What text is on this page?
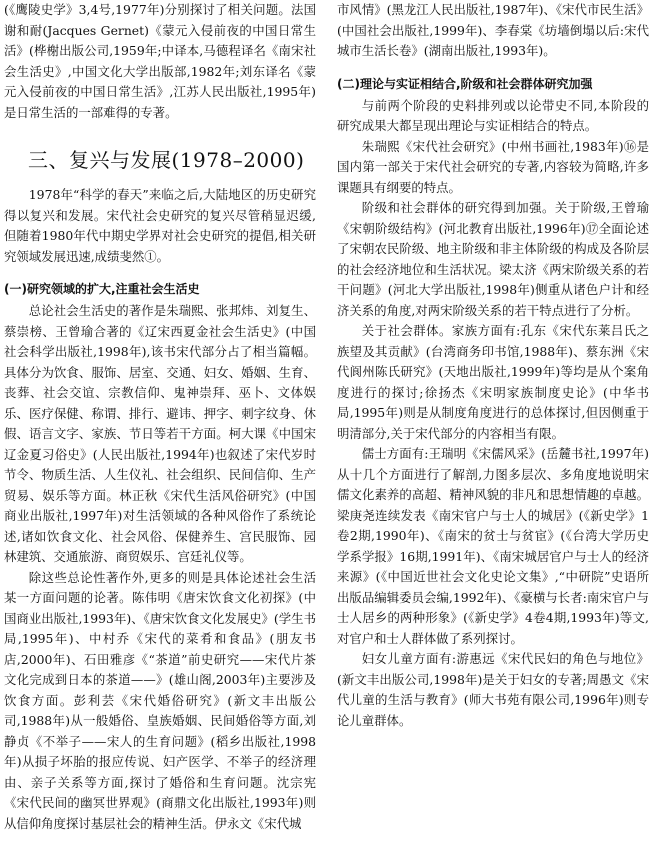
(《鹰陵史学》3,4号,1977年)分别探讨了相关问题。法国谢和耐(Jacques Gernet)《蒙元入侵前夜的中国日常生活》(桦榭出版公司,1959年;中译本,马德程译名《南宋社会生活史》,中国文化大学出版部,1982年;刘东译名《蒙元入侵前夜的中国日常生活》,江苏人民出版社,1995年)是日常生活的一部难得的专著。

三、复兴与发展(1978–2000)

1978年“科学的春天”来临之后,大陆地区的历史研究得以复兴和发展。宋代社会史研究的复兴尽管稍显迟缓,但随着1980年代中期史学界对社会史研究的提倡,相关研究领域发展迅速,成绩斐然①。

(一)研究领域的扩大,注重社会生活史

总论社会生活史的著作是朱瑞熙、张邦炜、刘复生、蔡崇榜、王曾瑜合著的《辽宋西夏金社会生活史》(中国社会科学出版社,1998年),该书宋代部分占了相当篇幅。具体分为饮食、服饰、居室、交通、妇女、婚姻、生育、丧葬、社会交谊、宗教信仰、鬼神崇拜、巫卜、文体娱乐、医疗保健、称谓、排行、避讳、押字、刺字纹身、休假、语言文字、家族、节日等若干方面。柯大课《中国宋辽金夏习俗史》(人民出版社,1994年)也叙述了宋代岁时节令、物质生活、人生仪礼、社会组织、民间信仰、生产贸易、娱乐等方面。林正秋《宋代生活风俗研究》(中国商业出版社,1997年)对生活领域的各种风俗作了系统论述,诸如饮食文化、社会风俗、保健养生、宫民服饰、园林建筑、交通旅游、商贸娱乐、宫廷礼仪等。

除这些总论性著作外,更多的则是具体论述社会生活某一方面问题的论著。陈伟明《唐宋饮食文化初探》(中国商业出版社,1993年)、《唐宋饮食文化发展史》(学生书局,1995年)、中村乔《宋代的菜肴和食品》(朋友书店,2000年)、石田雅彦《“茶道”前史研究——宋代片茶文化完成到日本的茶道——》(雄山阁,2003年)主要涉及饮食方面。彭利芸《宋代婚俗研究》(新文丰出版公司,1988年)从一般婚俗、皇族婚姻、民间婚俗等方面,刘静贞《不举子——宋人的生育问题》(稻乡出版社,1998年)从损子坏胎的报应传说、妇产医学、不举子的经济理由、亲子关系等方面,探讨了婚俗和生育问题。沈宗宪《宋代民间的幽冥世界观》(商鼎文化出版社,1993年)则从信仰角度探讨基层社会的精神生活。伊永文《宋代城

市风情》(黑龙江人民出版社,1987年)、《宋代市民生活》(中国社会出版社,1999年)、李春棠《坊墙倒塌以后:宋代城市生活长卷》(湖南出版社,1993年)。

(二)理论与实证相结合,阶级和社会群体研究加强

与前两个阶段的史料排列或以论带史不同,本阶段的研究成果大都呈现出理论与实证相结合的特点。

朱瑞熙《宋代社会研究》(中州书画社,1983年)⑯是国内第一部关于宋代社会研究的专著,内容较为简略,许多课题具有纲要的特点。

阶级和社会群体的研究得到加强。关于阶级,王曾瑜《宋朝阶级结构》(河北教育出版社,1996年)⑰全面论述了宋朝农民阶级、地主阶级和非主体阶级的构成及各阶层的社会经济地位和生活状况。梁太济《两宋阶级关系的若干问题》(河北大学出版社,1998年)侧重从诸色户计和经济关系的角度,对两宋阶级关系的若干特点进行了分析。

关于社会群体。家族方面有:孔东《宋代东莱吕氏之族望及其贡献》(台湾商务印书馆,1988年)、蔡东洲《宋代阆州陈氏研究》(天地出版社,1999年)等均是从个案角度进行的探讨;徐扬杰《宋明家族制度史论》(中华书局,1995年)则是从制度角度进行的总体探讨,但因侧重于明清部分,关于宋代部分的内容相当有限。

儒士方面有:王瑞明《宋儒风采》(岳麓书社,1997年)从十几个方面进行了解剖,力图多层次、多角度地说明宋儒文化素养的高超、精神风貌的非凡和思想情趣的卓越。梁庚尧连续发表《南宋官户与士人的城居》(《新史学》1卷2期,1990年)、《南宋的贫士与贫宦》(《台湾大学历史学系学报》16期,1991年)、《南宋城居官户与士人的经济来源》(《中国近世社会文化史论文集》,“中研院”史语所出版品编辑委员会编,1992年)、《豪横与长者:南宋官户与士人居乡的两种形象》(《新史学》4卷4期,1993年)等文,对官户和士人群体做了系列探讨。

妇女儿童方面有:游惠远《宋代民妇的角色与地位》(新文丰出版公司,1998年)是关于妇女的专著;周愚文《宋代儿童的生活与教育》(师大书苑有限公司,1996年)则专论儿童群体。
